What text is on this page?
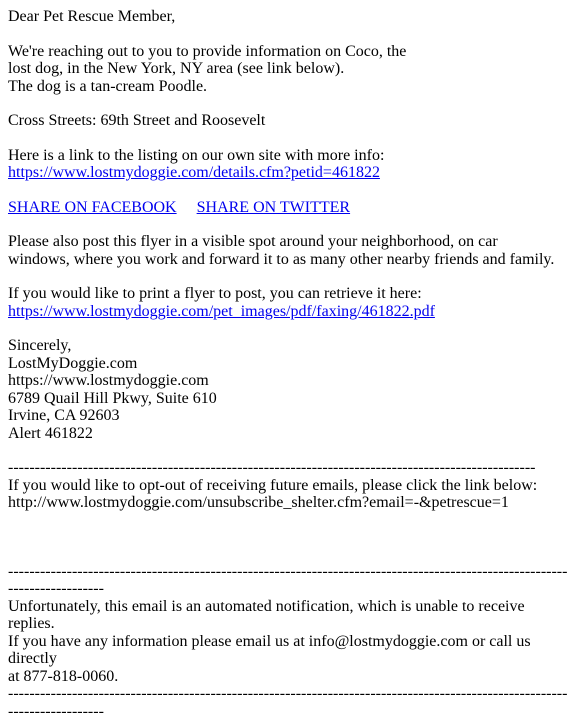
Dear Pet Rescue Member,

We're reaching out to you to provide information on Coco, the
lost dog, in the New York, NY area (see link below).
The dog is a tan-cream Poodle.

Cross Streets: 69th Street and Roosevelt

Here is a link to the listing on our own site with more info:
https://www.lostmydoggie.com/details.cfm?petid=461822

SHARE ON FACEBOOK SHARE ON TWITTER

Please also post this flyer in a visible spot around your neighborhood, on car
windows, where you work and forward it to as many other nearby friends and family.

If you would like to print a flyer to post, you can retrieve it here:
https://www.lostmydoggie.com/pet_images/pdf/faxing/461822.pdf

Sincerely,
LostMyDoggie.com
https://www.lostmydoggie.com
6789 Quail Hill Pkwy, Suite 610
Irvine, CA 92603
Alert 461822

---------------------------------------------------------------------------------------------------
If you would like to opt-out of receiving future emails, please click the link below:
http://www.lostmydoggie.com/unsubscribe_shelter.cfm?email=-&petrescue=1

---------------------------------------------------------------------------------------------------------------------------
Unfortunately, this email is an automated notification, which is unable to receive replies.
If you have any information please email us at info@lostmydoggie.com or call us directly
at 877-818-0060.
---------------------------------------------------------------------------------------------------------------------------
